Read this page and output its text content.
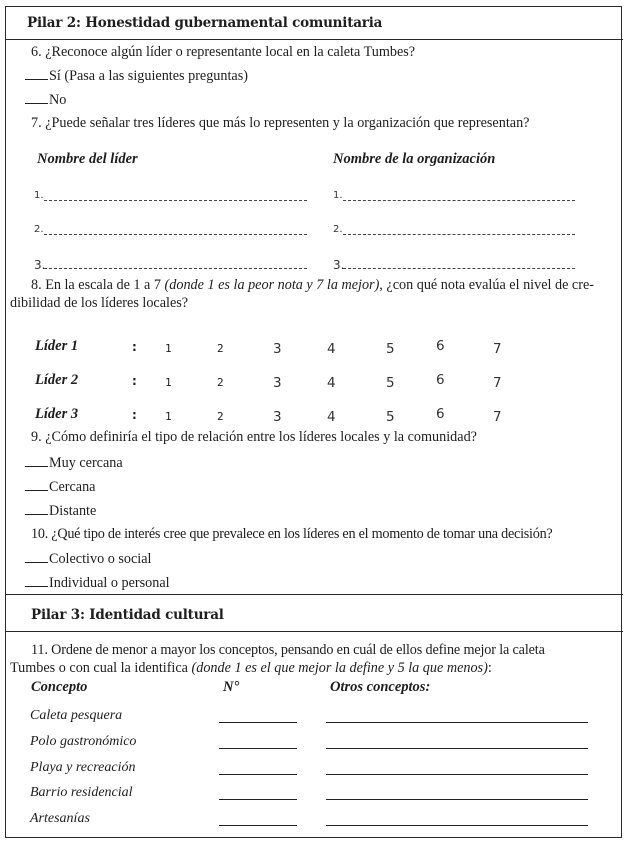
Pilar 2: Honestidad gubernamental comunitaria
6. ¿Reconoce algún líder o representante local en la caleta Tumbes?
Sí (Pasa a las siguientes preguntas)
No
7. ¿Puede señalar tres líderes que más lo representen y la organización que representan?
Nombre del líder	Nombre de la organización
1.	1.
2.	2.
3.	3.
8. En la escala de 1 a 7 (donde 1 es la peor nota y 7 la mejor), ¿con qué nota evalúa el nivel de cre-
dibilidad de los líderes locales?
Líder 1	:	1	2	3	4	5	6	7
Líder 2	:	1	2	3	4	5	6	7
Líder 3	:	1	2	3	4	5	6	7
9. ¿Cómo definiría el tipo de relación entre los líderes locales y la comunidad?
Muy cercana
Cercana
Distante
10. ¿Qué tipo de interés cree que prevalece en los líderes en el momento de tomar una decisión?
Colectivo o social
Individual o personal
Pilar 3: Identidad cultural
11. Ordene de menor a mayor los conceptos, pensando en cuál de ellos define mejor la caleta
Tumbes o con cual la identifica (donde 1 es el que mejor la define y 5 la que menos):
Concepto	N°	Otros conceptos:
Caleta pesquera
Polo gastronómico
Playa y recreación
Barrio residencial
Artesanías
